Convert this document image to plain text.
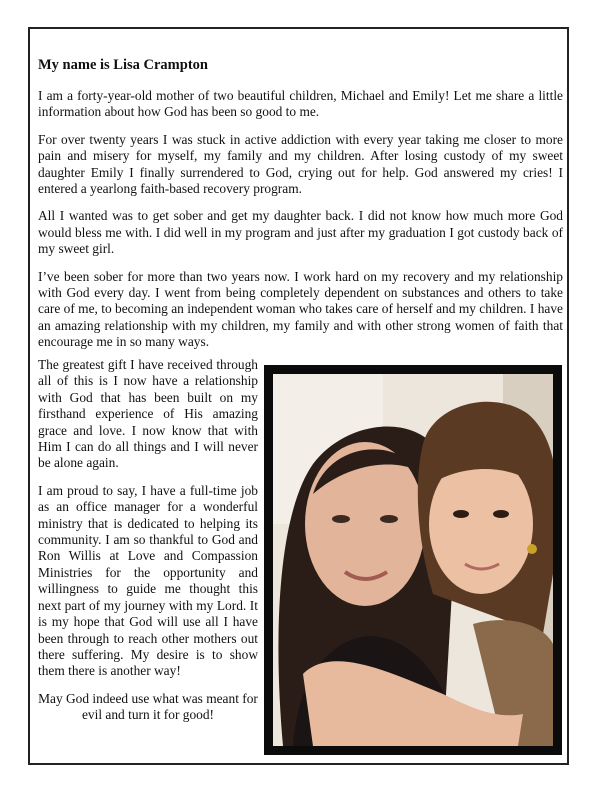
My name is Lisa Crampton

I am a forty-year-old mother of two beautiful children, Michael and Emily! Let me share a little information about how God has been so good to me.

For over twenty years I was stuck in active addiction with every year taking me closer to more pain and misery for myself, my family and my children. After losing custody of my sweet daughter Emily I finally surrendered to God, crying out for help. God answered my cries! I entered a yearlong faith-based recovery program.

All I wanted was to get sober and get my daughter back. I did not know how much more God would bless me with. I did well in my program and just after my graduation I got custody back of my sweet girl.

I’ve been sober for more than two years now. I work hard on my recovery and my relationship with God every day. I went from being completely dependent on substances and others to take care of me, to becoming an independent woman who takes care of herself and my children. I have an amazing relationship with my children, my family and with other strong women of faith that encourage me in so many ways.

The greatest gift I have received through all of this is I now have a relationship with God that has been built on my firsthand experience of His amazing grace and love. I now know that with Him I can do all things and I will never be alone again.

I am proud to say, I have a full-time job as an office manager for a wonderful ministry that is dedicated to helping its community. I am so thankful to God and Ron Willis at Love and Compassion Ministries for the opportunity and willingness to guide me thought this next part of my journey with my Lord. It is my hope that God will use all I have been through to reach other mothers out there suffering. My desire is to show them there is another way!

May God indeed use what was meant for evil and turn it for good!
